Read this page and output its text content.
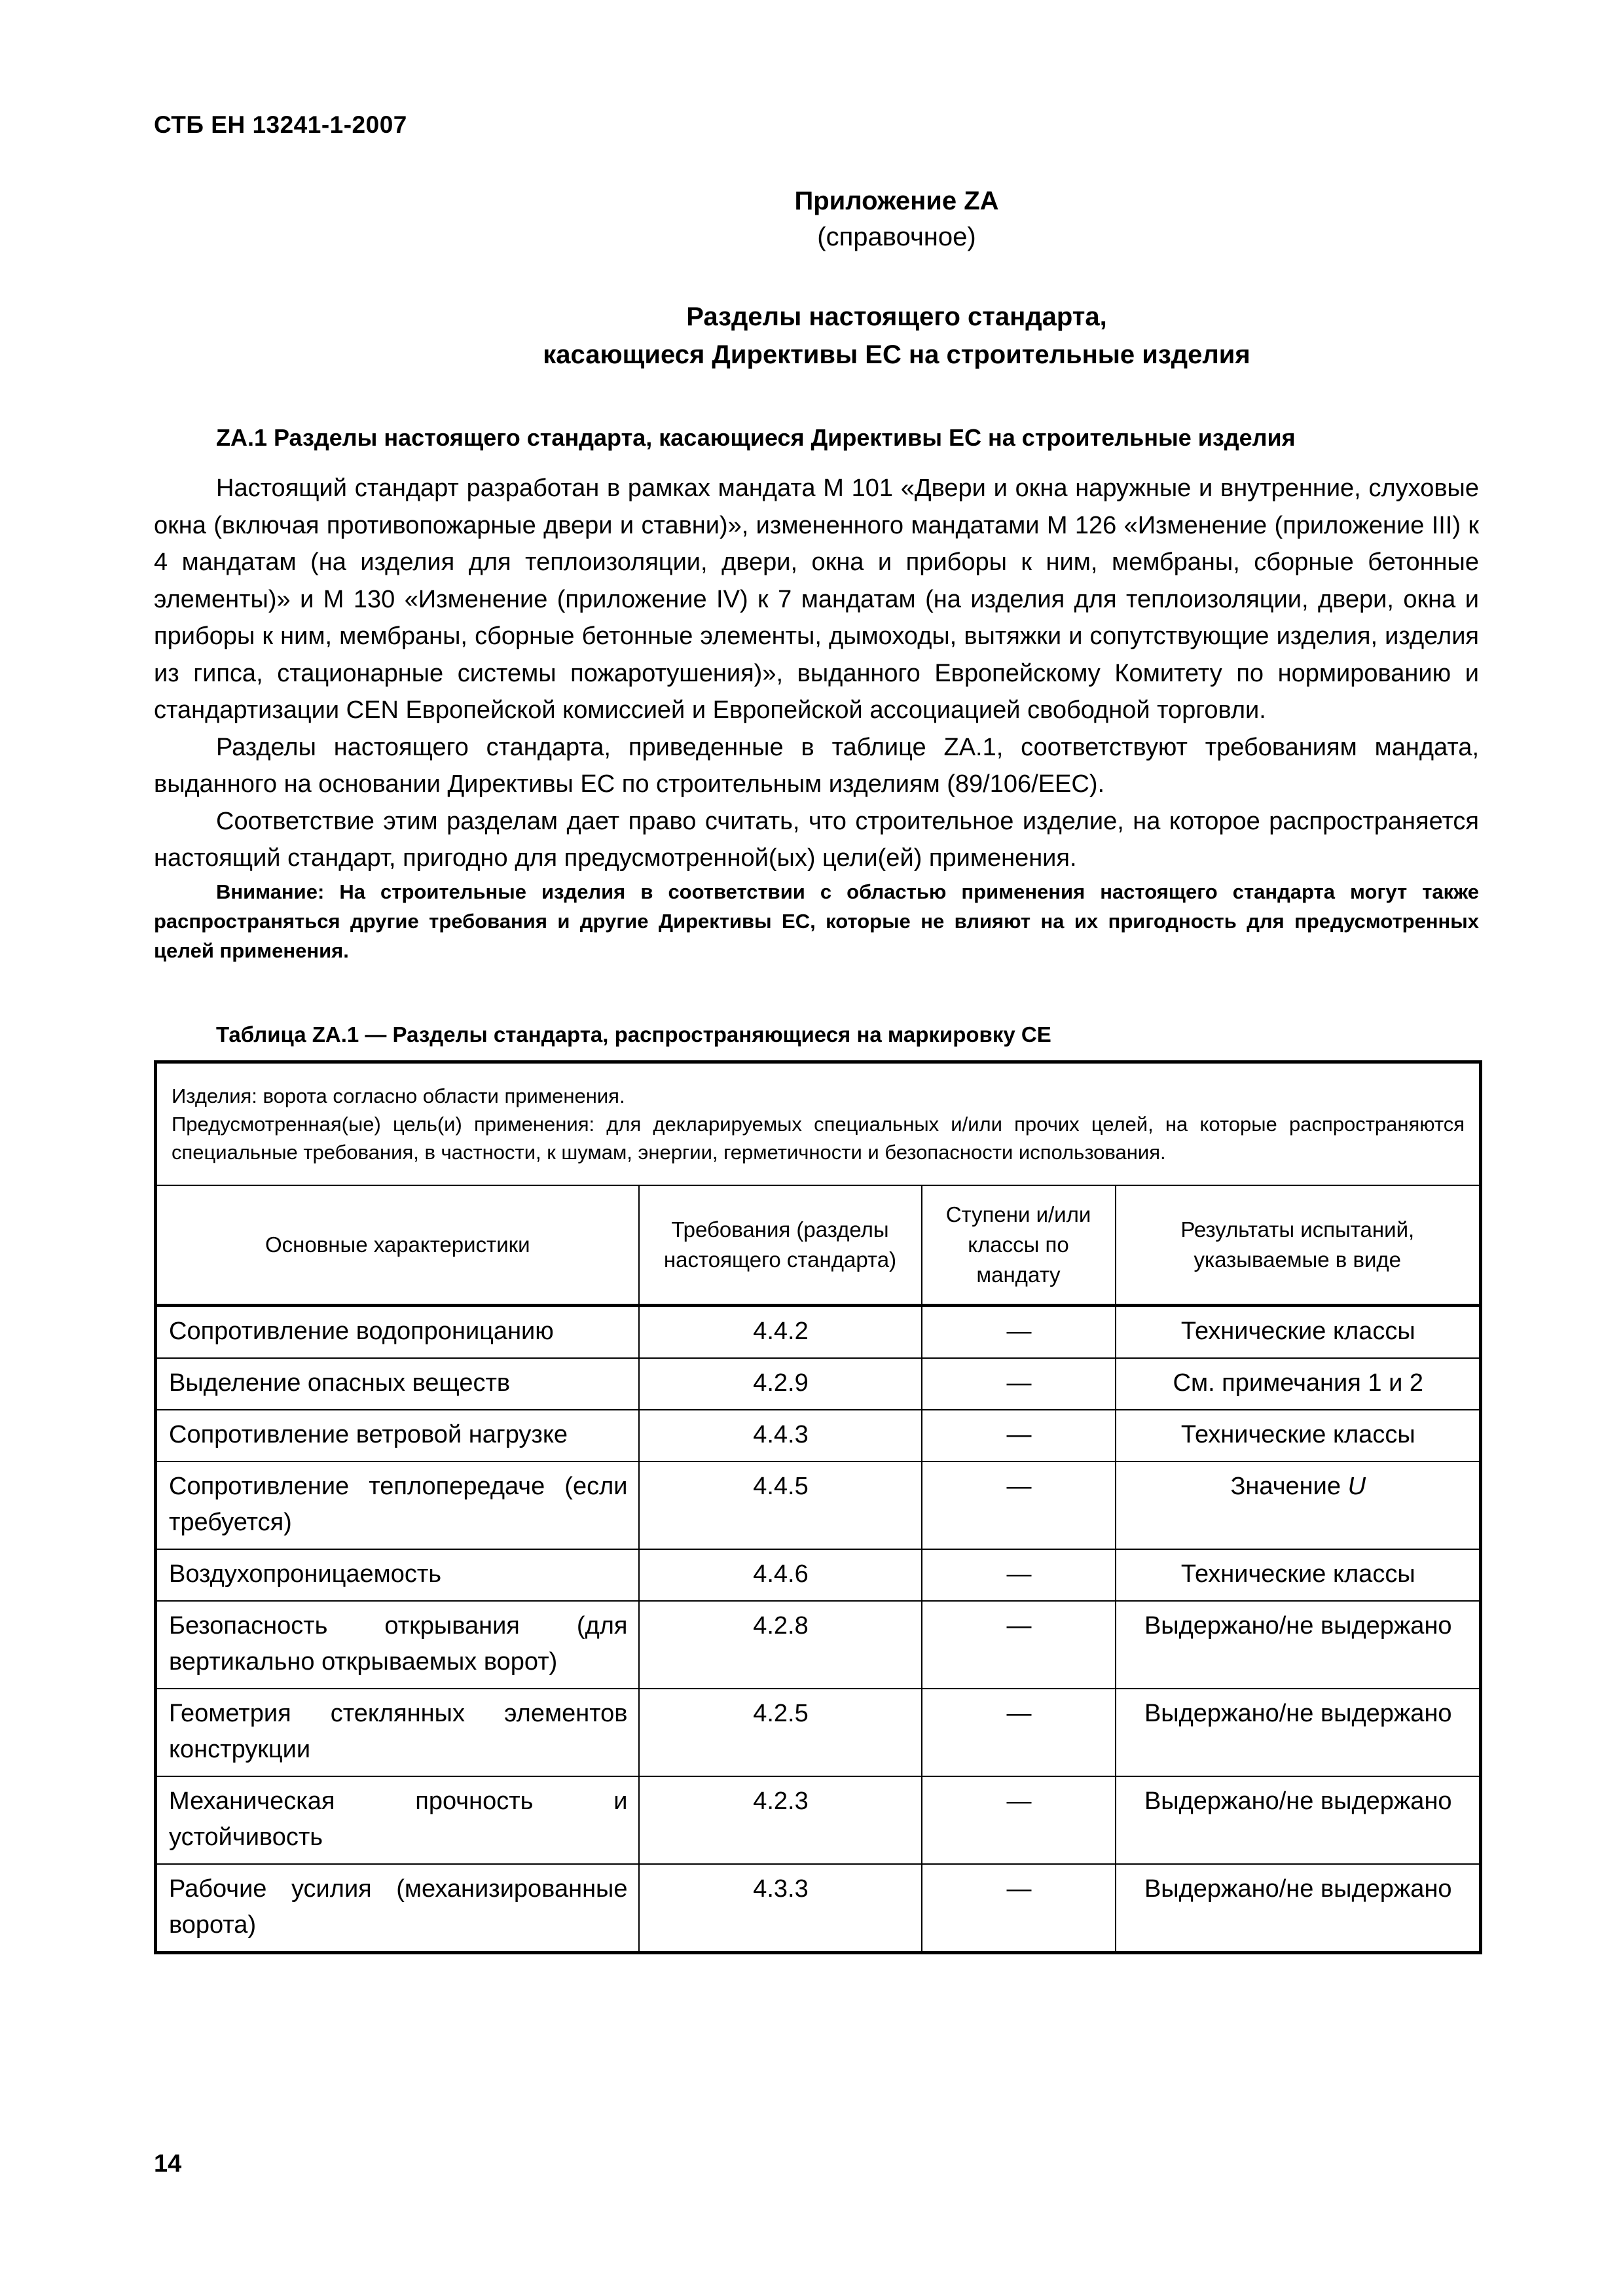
СТБ ЕН 13241-1-2007
Приложение ZA
(справочное)
Разделы настоящего стандарта,
касающиеся Директивы ЕС на строительные изделия
ZA.1 Разделы настоящего стандарта, касающиеся Директивы ЕС на строительные изделия

Настоящий стандарт разработан в рамках мандата М 101 «Двери и окна наружные и внутренние, слуховые окна (включая противопожарные двери и ставни)», измененного мандатами М 126 «Изменение (приложение III) к 4 мандатам (на изделия для теплоизоляции, двери, окна и приборы к ним, мембраны, сборные бетонные элементы)» и М 130 «Изменение (приложение IV) к 7 мандатам (на изделия для теплоизоляции, двери, окна и приборы к ним, мембраны, сборные бетонные элементы, дымоходы, вытяжки и сопутствующие изделия, изделия из гипса, стационарные системы пожаротушения)», выданного Европейскому Комитету по нормированию и стандартизации CEN Европейской комиссией и Европейской ассоциацией свободной торговли.

Разделы настоящего стандарта, приведенные в таблице ZA.1, соответствуют требованиям мандата, выданного на основании Директивы ЕС по строительным изделиям (89/106/EEC).

Соответствие этим разделам дает право считать, что строительное изделие, на которое распространяется настоящий стандарт, пригодно для предусмотренной(ых) цели(ей) применения.

Внимание: На строительные изделия в соответствии с областью применения настоящего стандарта могут также распространяться другие требования и другие Директивы ЕС, которые не влияют на их пригодность для предусмотренных целей применения.

Таблица ZA.1 — Разделы стандарта, распространяющиеся на маркировку СЕ
Изделия: ворота согласно области применения.
Предусмотренная(ые) цель(и) применения: для декларируемых специальных и/или прочих целей, на которые распространяются специальные требования, в частности, к шумам, энергии, герметичности и безопасности использования.			

Основные характеристики	Требования (разделы настоящего стандарта)	Ступени и/или классы по мандату	Результаты испытаний, указываемые в виде
Сопротивление водопроницанию	4.4.2	—	Технические классы
Выделение опасных веществ	4.2.9	—	См. примечания 1 и 2
Сопротивление ветровой нагрузке	4.4.3	—	Технические классы
Сопротивление теплопередаче (если требуется)	4.4.5	—	Значение U
Воздухопроницаемость	4.4.6	—	Технические классы
Безопасность открывания (для вертикально открываемых ворот)	4.2.8	—	Выдержано/не выдержано
Геометрия стеклянных элементов конструкции	4.2.5	—	Выдержано/не выдержано
Механическая прочность и устойчивость	4.2.3	—	Выдержано/не выдержано
Рабочие усилия (механизированные ворота)	4.3.3	—	Выдержано/не выдержано
14
